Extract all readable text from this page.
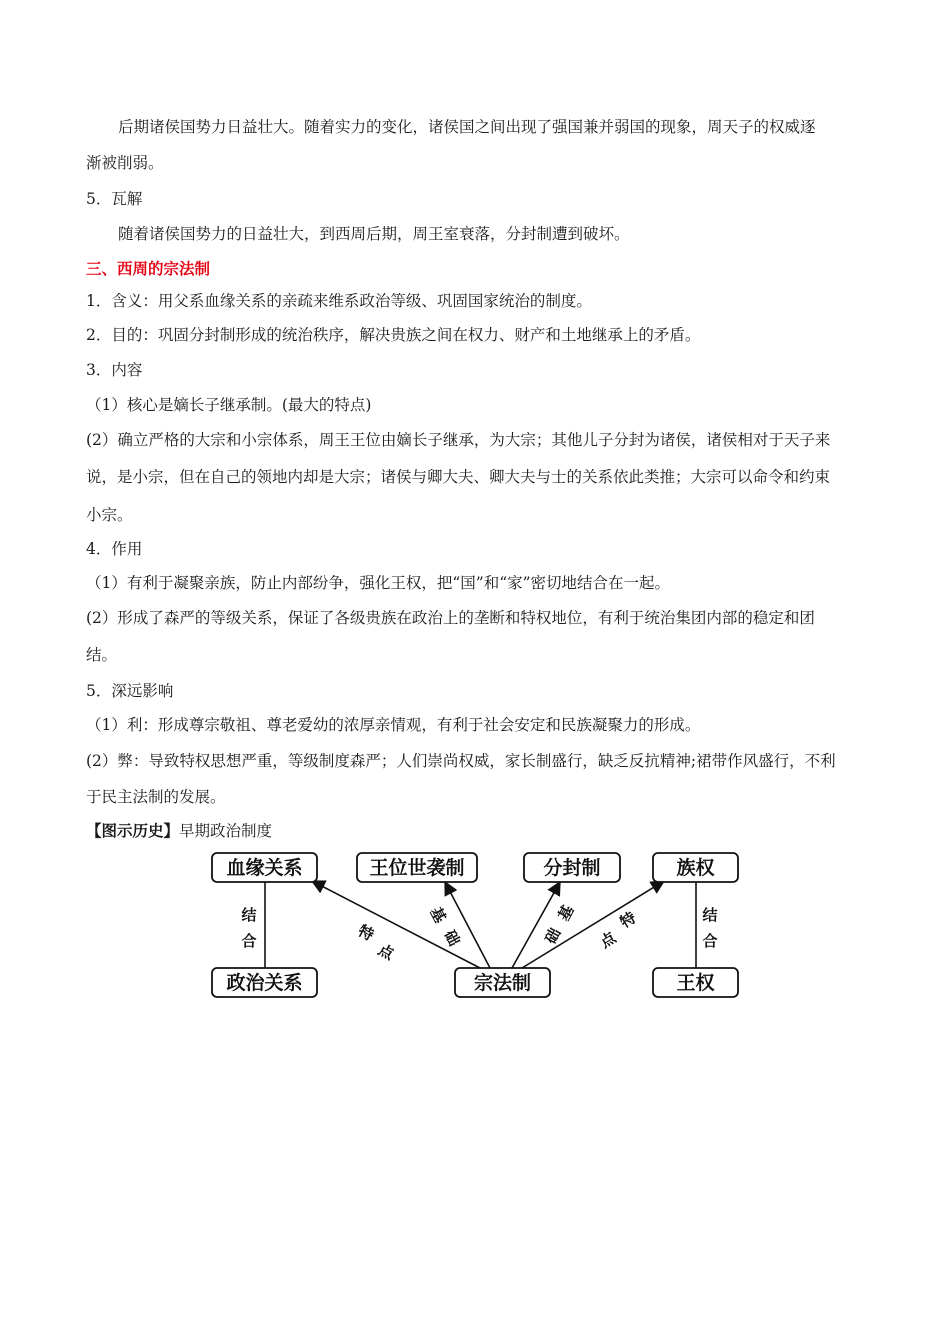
后期诸侯国势力日益壮大。随着实力的变化，诸侯国之间出现了强国兼并弱国的现象，周天子的权威逐
渐被削弱。
5．瓦解
随着诸侯国势力的日益壮大，到西周后期，周王室衰落，分封制遭到破坏。
三、西周的宗法制
1．含义：用父系血缘关系的亲疏来维系政治等级、巩固国家统治的制度。
2．目的：巩固分封制形成的统治秩序，解决贵族之间在权力、财产和土地继承上的矛盾。
3．内容
（1）核心是嫡长子继承制。(最大的特点)
(2）确立严格的大宗和小宗体系，周王王位由嫡长子继承，为大宗；其他儿子分封为诸侯，诸侯相对于天子来
说，是小宗，但在自己的领地内却是大宗；诸侯与卿大夫、卿大夫与士的关系依此类推；大宗可以命令和约束
小宗。
4．作用
（1）有利于凝聚亲族，防止内部纷争，强化王权，把“国”和“家”密切地结合在一起。
(2）形成了森严的等级关系，保证了各级贵族在政治上的垄断和特权地位，有利于统治集团内部的稳定和团
结。
5．深远影响
（1）利：形成尊宗敬祖、尊老爱幼的浓厚亲情观，有利于社会安定和民族凝聚力的形成。
(2）弊：导致特权思想严重，等级制度森严；人们崇尚权威，家长制盛行，缺乏反抗精神;裙带作风盛行，不利
于民主法制的发展。
【图示历史】早期政治制度
血缘关系	王位世袭制	分封制	族权
政治关系	宗法制	王权
结
合
结
合
特
点
基
础
基
础
特
点
